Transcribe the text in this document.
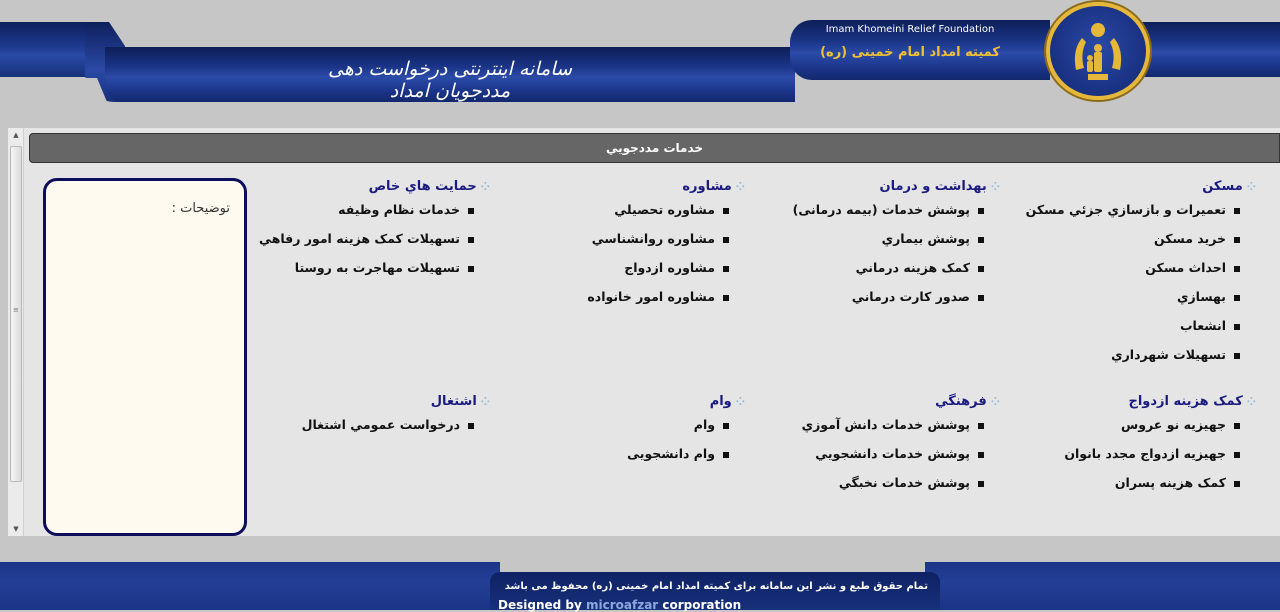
سامانه اینترنتی درخواست دهی مددجویان امداد
Imam Khomeini Relief Foundation
کمیته امداد امام خمینی (ره)
▲
≡
▼
خدمات مددجويي
توضیحات :
⁘مسکن
تعميرات و بازسازي جزئي مسكن
خريد مسكن
احداث مسكن
بهسازي
انشعاب
تسهيلات شهرداري
⁘بهداشت و درمان
پوشش خدمات (بيمه درمانی)
پوشش بيماري
کمک هزينه درماني
صدور کارت درماني
⁘مشاوره
مشاوره تحصيلي
مشاوره روانشناسي
مشاوره ازدواج
مشاوره امور خانواده
⁘حمايت هاي خاص
خدمات نظام وظيفه
تسهيلات کمک هزينه امور رفاهي
تسهيلات مهاجرت به روستا
⁘کمک هزینه ازدواج
جهيزيه نو عروس
جهيزيه ازدواج مجدد بانوان
كمک هزينه پسران
⁘فرهنگي
پوشش خدمات دانش آموزي
پوشش خدمات دانشجويي
پوشش خدمات نخبگي
⁘وام
وام
وام دانشجویی
⁘اشتغال
درخواست عمومي اشتغال
تمام حقوق طبع و نشر این سامانه برای کمیته امداد امام خمینی (ره) محفوظ می باشد
Designed by microafzar corporation
